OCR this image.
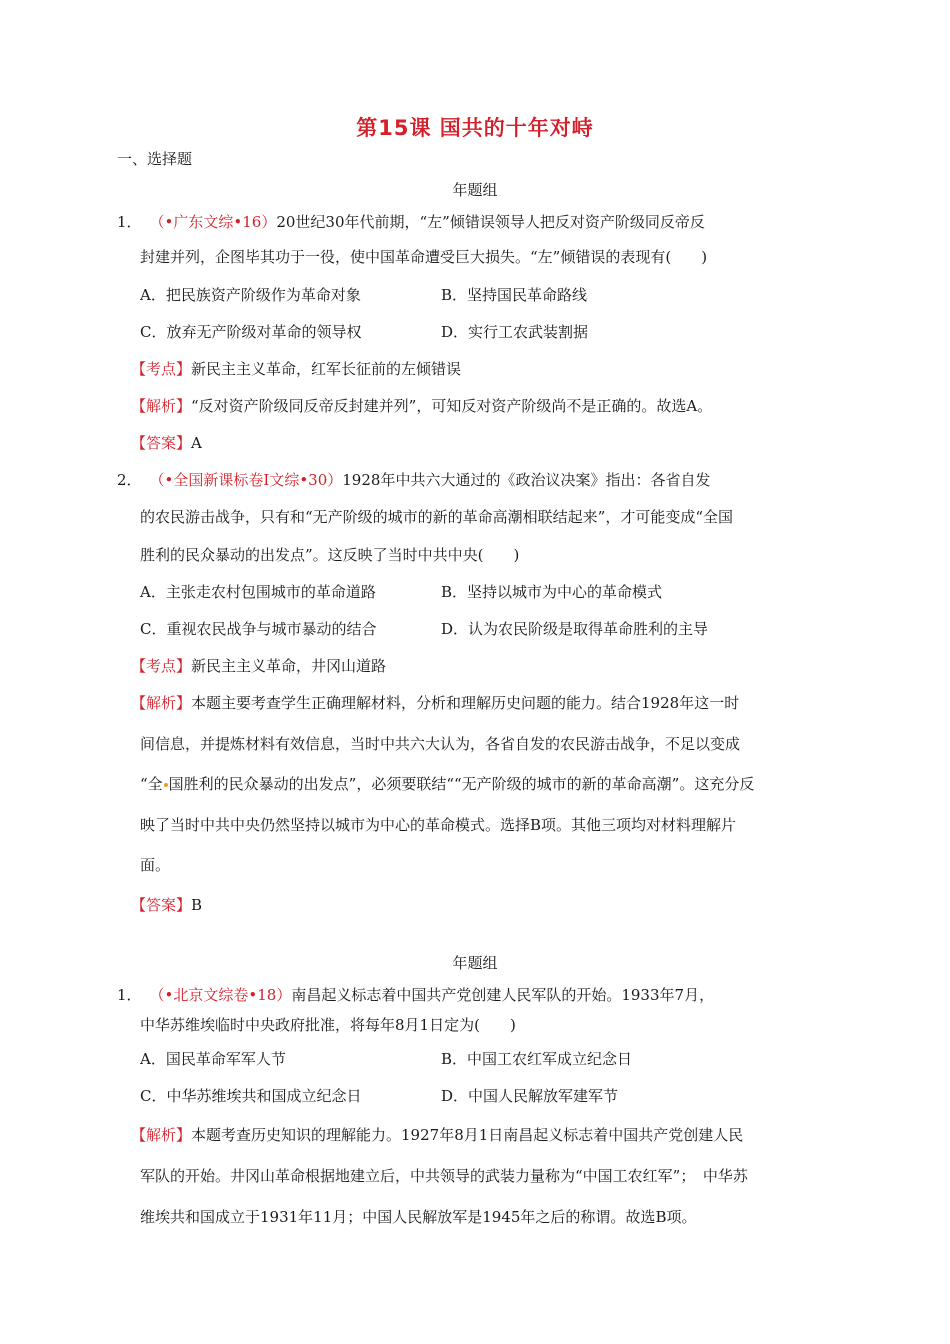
第15课 国共的十年对峙
一、选择题
年题组
1． （•广东文综•16）20世纪30年代前期，“左”倾错误领导人把反对资产阶级同反帝反
封建并列，企图毕其功于一役，使中国革命遭受巨大损失。“左”倾错误的表现有(　　)
A．把民族资产阶级作为革命对象	B．坚持国民革命路线
C．放弃无产阶级对革命的领导权	D．实行工农武装割据
【考点】新民主主义革命，红军长征前的左倾错误
【解析】“反对资产阶级同反帝反封建并列”，可知反对资产阶级尚不是正确的。故选A。
【答案】A
2． （•全国新课标卷Ⅰ文综•30）1928年中共六大通过的《政治议决案》指出：各省自发
的农民游击战争，只有和“无产阶级的城市的新的革命高潮相联结起来”，才可能变成“全国
胜利的民众暴动的出发点”。这反映了当时中共中央(　　)
A．主张走农村包围城市的革命道路	B．坚持以城市为中心的革命模式
C．重视农民战争与城市暴动的结合	D．认为农民阶级是取得革命胜利的主导
【考点】新民主主义革命，井冈山道路
【解析】本题主要考查学生正确理解材料，分析和理解历史问题的能力。结合1928年这一时
间信息，并提炼材料有效信息，当时中共六大认为，各省自发的农民游击战争，不足以变成
“全 国胜利的民众暴动的出发点”，必须要联结““无产阶级的城市的新的革命高潮”。这充分反
映了当时中共中央仍然坚持以城市为中心的革命模式。选择B项。其他三项均对材料理解片
面。
【答案】B
年题组
1． （•北京文综卷•18）南昌起义标志着中国共产党创建人民军队的开始。1933年7月，
中华苏维埃临时中央政府批准，将每年8月1日定为(　　)
A．国民革命军军人节	B．中国工农红军成立纪念日
C．中华苏维埃共和国成立纪念日	D．中国人民解放军建军节
【解析】本题考查历史知识的理解能力。1927年8月1日南昌起义标志着中国共产党创建人民
军队的开始。井冈山革命根据地建立后，中共领导的武装力量称为“中国工农红军”；　中华苏
维埃共和国成立于1931年11月；中国人民解放军是1945年之后的称谓。故选B项。
